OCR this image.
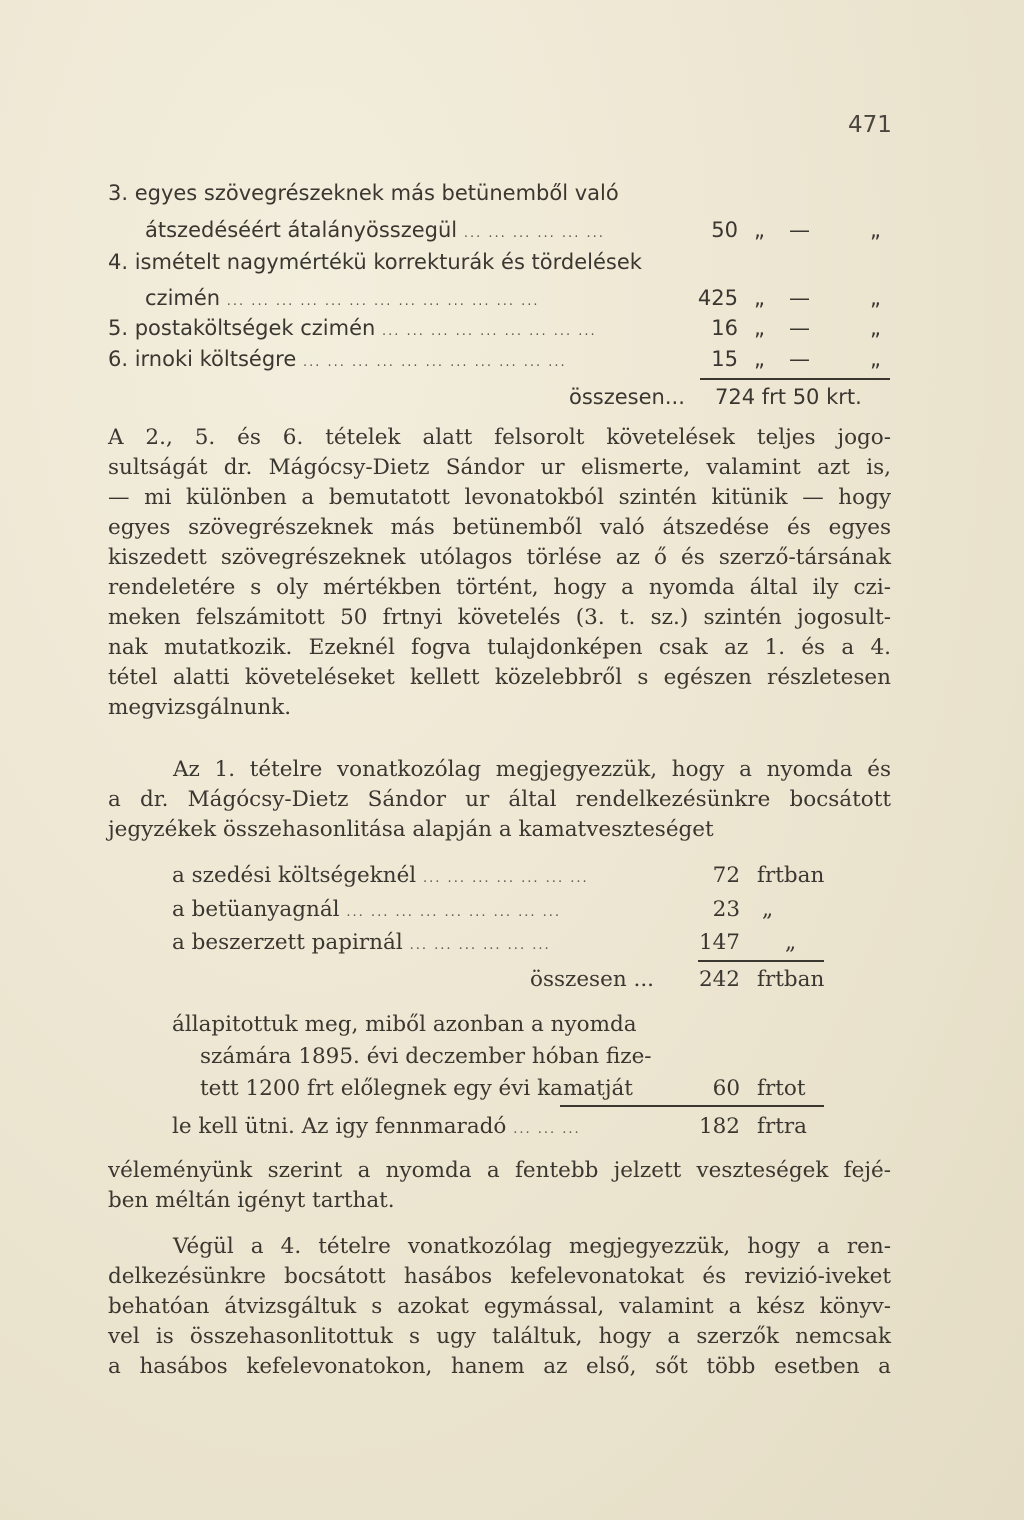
471
3. egyes szövegrészeknek más betünemből való
átszedéséért átalányösszegül ... ... ... ... ... ...	50 „ —	„
4. ismételt nagymértékü korrekturák és tördelések
czimén ... ... ... ... ... ... ... ... ... ... ... ... ...	425 „ —	„
5. postaköltségek czimén ... ... ... ... ... ... ... ... ...	16 „ —	„
6. irnoki költségre ... ... ... ... ... ... ... ... ... ... ...	15 „ —	„
összesen... 724 frt 50 krt.
A 2., 5. és 6. tételek alatt felsorolt követelések teljes jogo-
sultságát dr. Mágócsy-Dietz Sándor ur elismerte, valamint azt is,
— mi különben a bemutatott levonatokból szintén kitünik — hogy
egyes szövegrészeknek más betünemből való átszedése és egyes
kiszedett szövegrészeknek utólagos törlése az ő és szerző-társának
rendeletére s oly mértékben történt, hogy a nyomda által ily czi-
meken felszámitott 50 frtnyi követelés (3. t. sz.) szintén jogosult-
nak mutatkozik. Ezeknél fogva tulajdonképen csak az 1. és a 4.
tétel alatti követeléseket kellett közelebbről s egészen részletesen
megvizsgálnunk.
Az 1. tételre vonatkozólag megjegyezzük, hogy a nyomda és
a dr. Mágócsy-Dietz Sándor ur által rendelkezésünkre bocsátott
jegyzékek összehasonlitása alapján a kamatveszteséget
a szedési költségeknél ... ... ... ... ... ... ...	72 frtban
a betüanyagnál ... ... ... ... ... ... ... ... ...	23 „
a beszerzett papirnál ... ... ... ... ... ...	147 „
összesen ...	242 frtban
állapitottuk meg, miből azonban a nyomda
számára 1895. évi deczember hóban fize-
tett 1200 frt előlegnek egy évi kamatját	60 frtot
le kell ütni. Az igy fennmaradó ... ... ...	182 frtra
véleményünk szerint a nyomda a fentebb jelzett veszteségek fejé-
ben méltán igényt tarthat.
Végül a 4. tételre vonatkozólag megjegyezzük, hogy a ren-
delkezésünkre bocsátott hasábos kefelevonatokat és revizió-iveket
behatóan átvizsgáltuk s azokat egymással, valamint a kész könyv-
vel is összehasonlitottuk s ugy találtuk, hogy a szerzők nemcsak
a hasábos kefelevonatokon, hanem az első, sőt több esetben a
